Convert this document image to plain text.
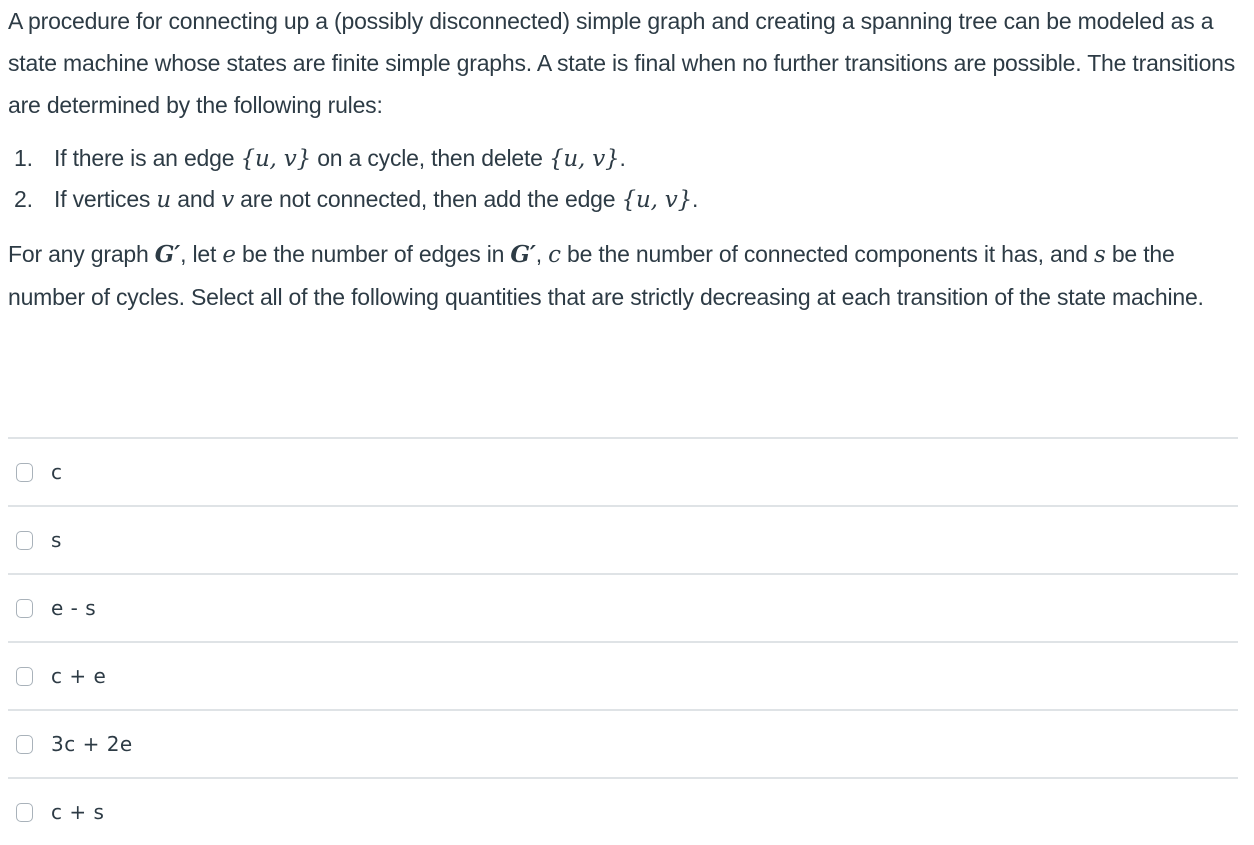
A procedure for connecting up a (possibly disconnected) simple graph and creating a spanning tree can be modeled as a state machine whose states are finite simple graphs. A state is final when no further transitions are possible. The transitions are determined by the following rules:

1. If there is an edge {u, v} on a cycle, then delete {u, v}.
2. If vertices u and v are not connected, then add the edge {u, v}.

For any graph G′, let e be the number of edges in G′, c be the number of connected components it has, and s be the number of cycles. Select all of the following quantities that are strictly decreasing at each transition of the state machine.

c
s
e - s
c + e
3c + 2e
c + s
